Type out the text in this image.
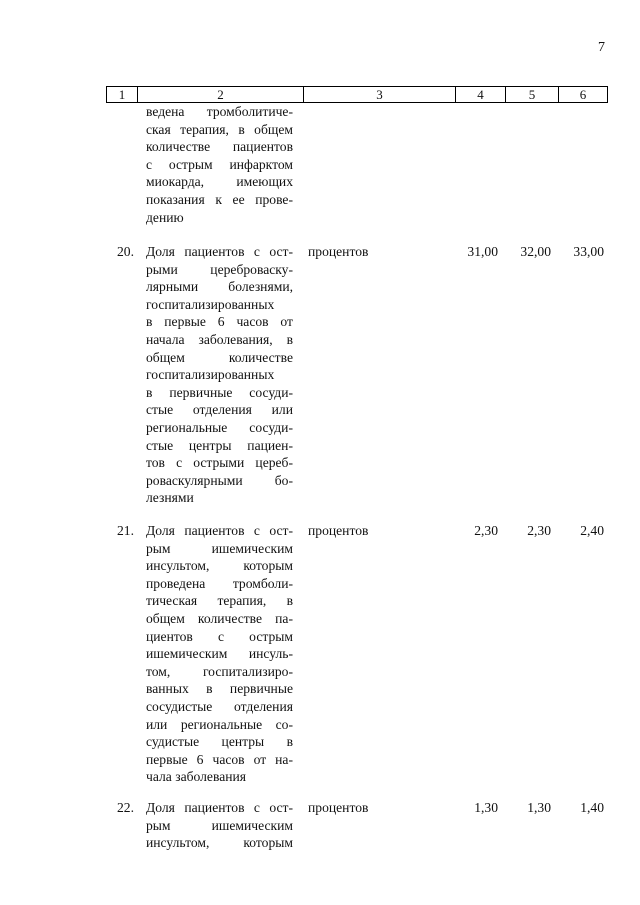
7
1	2	3	4	5	6
ведена тромболитиче-
ская терапия, в общем
количестве пациентов
с острым инфарктом
миокарда, имеющих
показания к ее прове-
дению
20. Доля пациентов с ост-
рыми цереброваску-
лярными болезнями,
госпитализированных
в первые 6 часов от
начала заболевания, в
общем количестве
госпитализированных
в первичные сосуди-
стые отделения или
региональные сосуди-
стые центры пациен-
тов с острыми цереб-
роваскулярными бо-
лезнями
процентов	31,00	32,00	33,00
21. Доля пациентов с ост-
рым ишемическим
инсультом, которым
проведена тромболи-
тическая терапия, в
общем количестве па-
циентов с острым
ишемическим инсуль-
том, госпитализиро-
ванных в первичные
сосудистые отделения
или региональные со-
судистые центры в
первые 6 часов от на-
чала заболевания
процентов	2,30	2,30	2,40
22. Доля пациентов с ост-
рым ишемическим
инсультом, которым
процентов	1,30	1,30	1,40
